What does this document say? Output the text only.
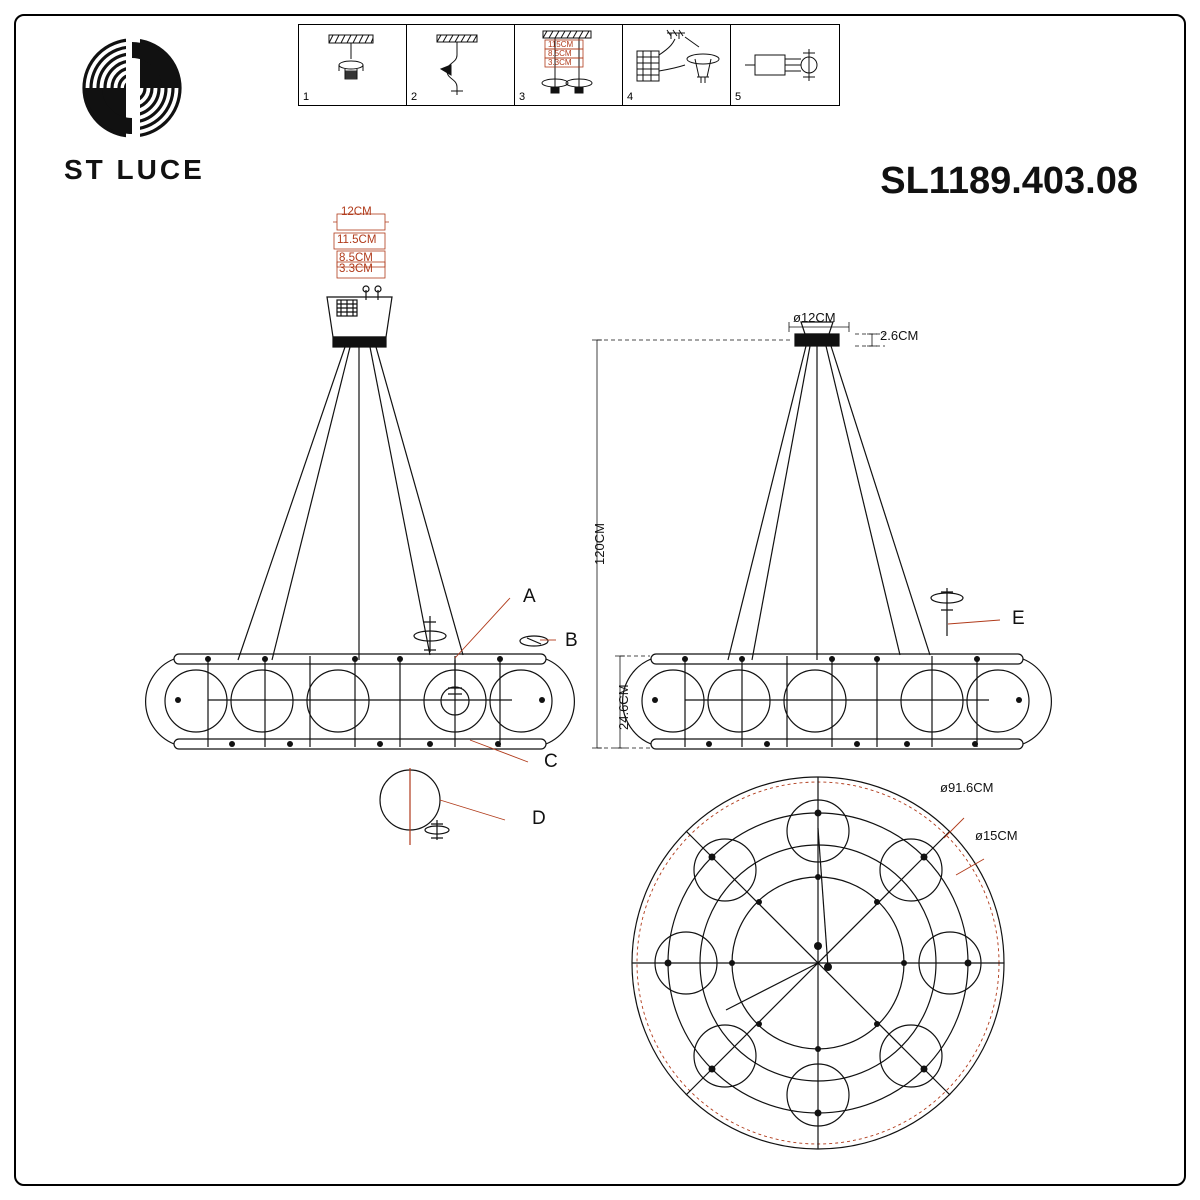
ST LUCE
1	2
115CM
8.5CM
3.3CM
3	4	5
SL1189.403.08
12CM
11.5CM
8.5CM
3.3CM
A
B
C
D
E
ø12CM
2.6CM
120CM
24.6CM
ø91.6CM
ø15CM
